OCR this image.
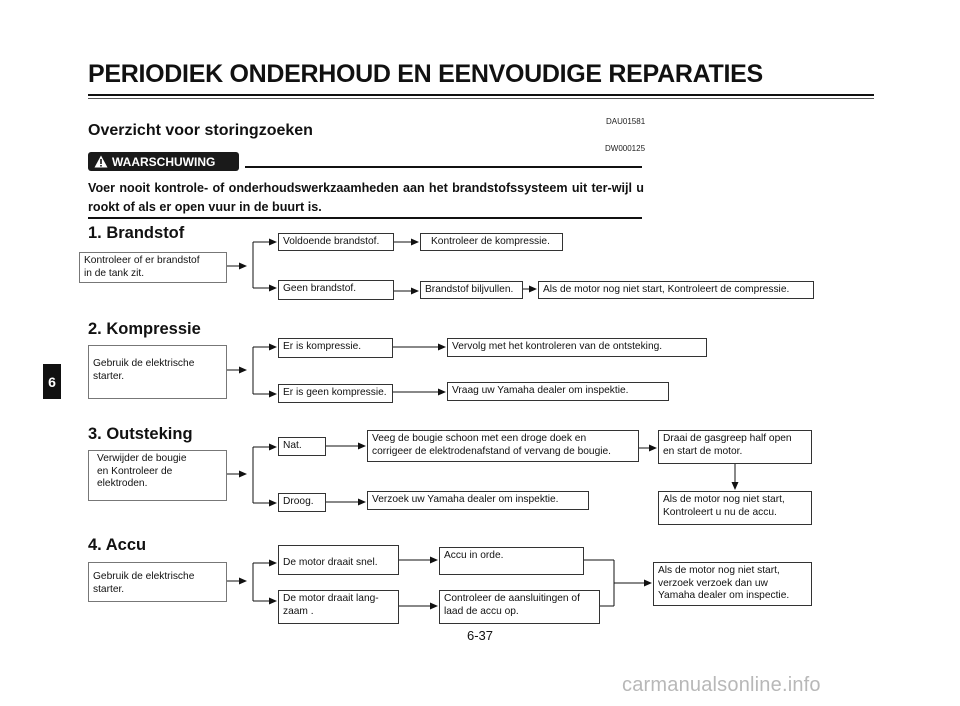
PERIODIEK ONDERHOUD EN EENVOUDIGE REPARATIES
DAU01581
Overzicht voor storingzoeken
DW000125
WAARSCHUWING
Voer nooit kontrole- of onderhoudswerkzaamheden aan het brandstofssysteem uit ter-wijl u rookt of als er open vuur in de buurt is.
6
1. Brandstof
Kontroleer of er brandstof
in de tank zit.
Voldoende brandstof.	Kontroleer de kompressie.
Geen brandstof.	Brandstof biljvullen.	Als de motor nog niet start, Kontroleert de compressie.
2. Kompressie
Gebruik de elektrische
starter.
Er is kompressie.	Vervolg met het kontroleren van de ontsteking.
Er is geen kompressie.	Vraag uw Yamaha dealer om inspektie.
3. Outsteking
Verwijder de bougie
en Kontroleer de
elektroden.
Nat.
Veeg de bougie schoon met een droge doek en
corrigeer de elektrodenafstand of vervang de bougie.
Draai de gasgreep half open
en start de motor.
Als de motor nog niet start,
Kontroleert u nu de accu.
Droog.	Verzoek uw Yamaha dealer om inspektie.
4. Accu
Gebruik de elektrische
starter.
De motor draait snel.
Accu in orde.
De motor draait lang-
zaam .
Controleer de aansluitingen of
laad de accu op.
Als de motor nog niet start,
verzoek verzoek dan uw
Yamaha dealer om inspectie.
6-37
carmanualsonline.info
